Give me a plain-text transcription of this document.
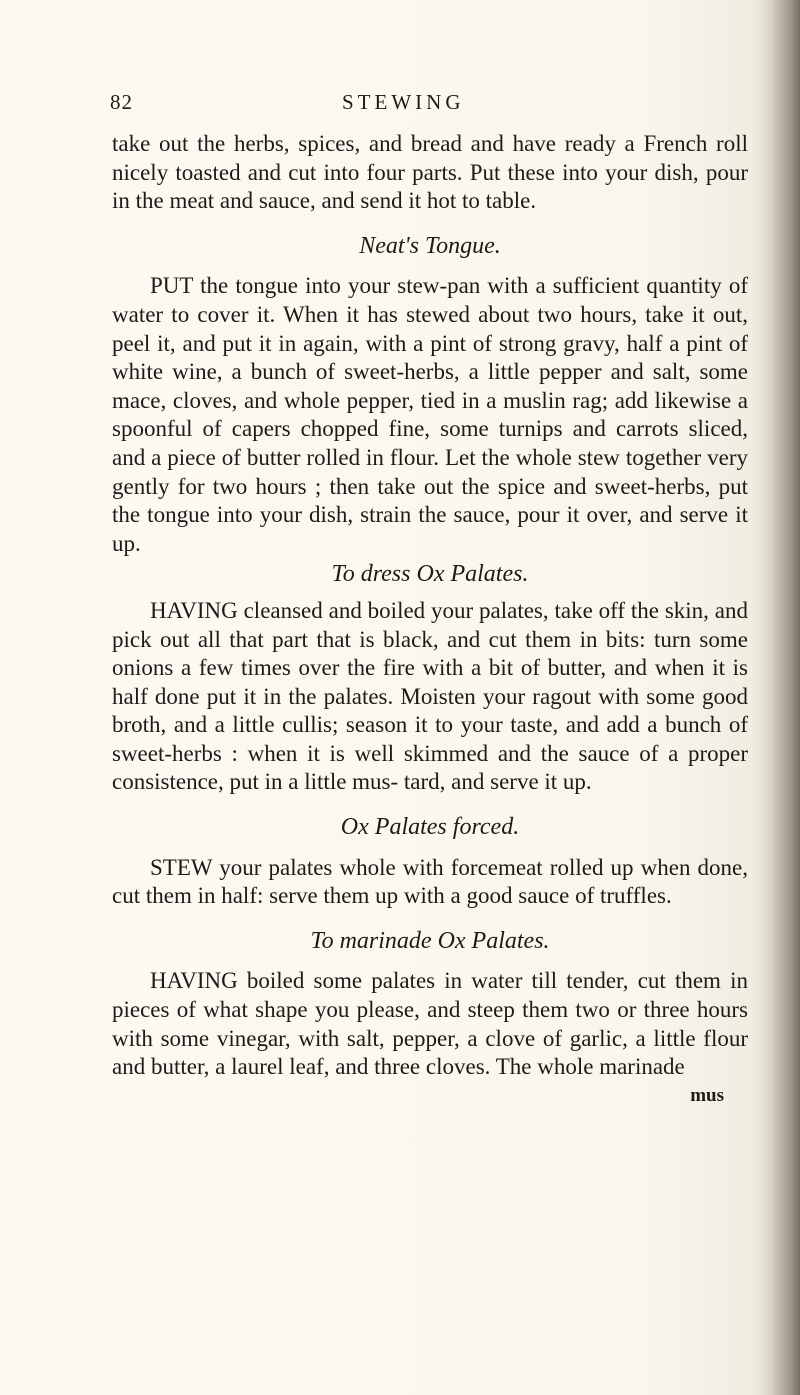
82	STEWING

take out the herbs, spices, and bread and have ready a French roll nicely toasted and cut into four parts. Put these into your dish, pour in the meat and sauce, and send it hot to table.

Neat's Tongue.

PUT the tongue into your stew-pan with a sufficient quantity of water to cover it. When it has stewed about two hours, take it out, peel it, and put it in again, with a pint of strong gravy, half a pint of white wine, a bunch of sweet-herbs, a little pepper and salt, some mace, cloves, and whole pepper, tied in a muslin rag; add likewise a spoonful of capers chopped fine, some turnips and carrots sliced, and a piece of butter rolled in flour. Let the whole stew together very gently for two hours ; then take out the spice and sweet-herbs, put the tongue into your dish, strain the sauce, pour it over, and serve it up.

To dress Ox Palates.

HAVING cleansed and boiled your palates, take off the skin, and pick out all that part that is black, and cut them in bits: turn some onions a few times over the fire with a bit of butter, and when it is half done put it in the palates. Moisten your ragout with some good broth, and a little cullis; season it to your taste, and add a bunch of sweet-herbs : when it is well skimmed and the sauce of a proper consistence, put in a little mus- tard, and serve it up.

Ox Palates forced.

STEW your palates whole with forcemeat rolled up when done, cut them in half: serve them up with a good sauce of truffles.

To marinade Ox Palates.

HAVING boiled some palates in water till tender, cut them in pieces of what shape you please, and steep them two or three hours with some vinegar, with salt, pepper, a clove of garlic, a little flour and butter, a laurel leaf, and three cloves. The whole marinade

mus
